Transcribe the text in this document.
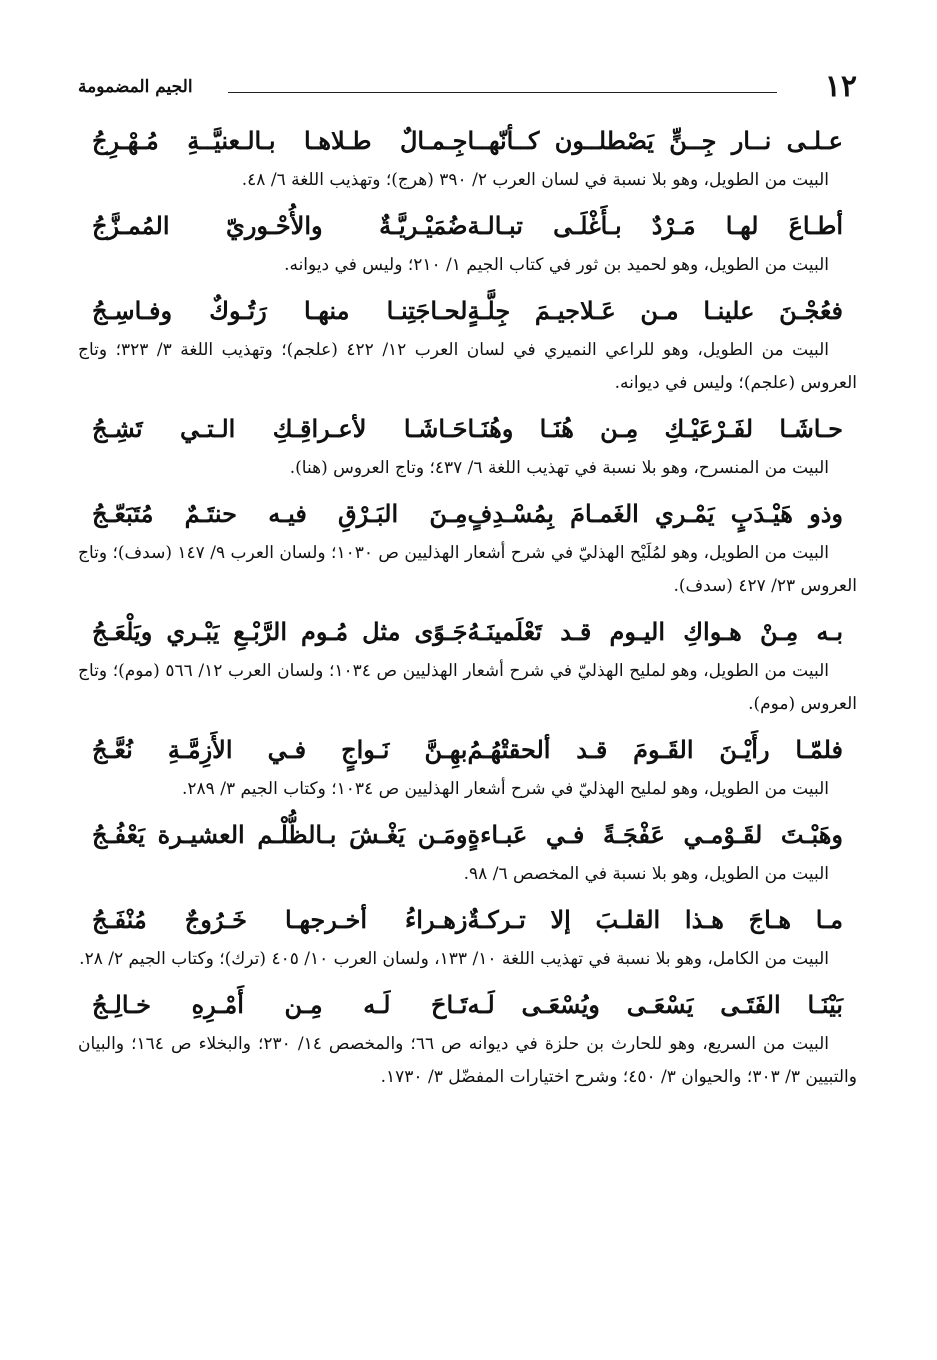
١٢
الجيم المضمومة
عـلـى نــار جِــنٍّ يَصْطلــون كــأنّهــا
جِـمـالٌ طـلاهـا بـالـعنيَّــةِ مُـهْـرِجُ
البيت من الطويل، وهو بلا نسبة في لسان العرب ٢/ ٣٩٠ (هرج)؛ وتهذيب اللغة ٦/ ٤٨.
أطـاعَ لهـا مَـرْدٌ بـأَغْلَـى تبـالـة
ضُمَيْـريَّـةٌ والأُحْـوريّ المُمـزَّجُ
البيت من الطويل، وهو لحميد بن ثور في كتاب الجيم ١/ ٢١٠؛ وليس في ديوانه.
فعُجْـنَ علينـا مـن عَـلاجيـمَ جِلَّـةٍ
لحـاجَتِنـا منهـا رَتُـوكٌ وفـاسِـجُ
البيت من الطويل، وهو للراعي النميري في لسان العرب ١٢/ ٤٢٢ (علجم)؛ وتهذيب اللغة ٣/ ٣٢٣؛ وتاج العروس (علجم)؛ وليس في ديوانه.
حـاشَـا لفَـرْعَيْـكِ مِـن هُنَـا وهُنَـا
حَـاشَـا لأعـراقِـكِ الـتـي تَشِـجُ
البيت من المنسرح، وهو بلا نسبة في تهذيب اللغة ٦/ ٤٣٧؛ وتاج العروس (هنا).
وذو هَيْـدَبٍ يَمْـري الغَمـامَ بِمُسْـدِفٍ
مِـنَ البَـرْقِ فيـه حنتَـمٌ مُتَبَعّـجُ
البيت من الطويل، وهو لمُلَيْح الهذليّ في شرح أشعار الهذليين ص ١٠٣٠؛ ولسان العرب ٩/ ١٤٧ (سدف)؛ وتاج العروس ٢٣/ ٤٢٧ (سدف).
بـه مِـنْ هـواكِ اليـوم قـد تَعْلَمينَـهُ
جَـوًى مثل مُـوم الرَّبْـعِ يَبْـري ويَلْعَـجُ
البيت من الطويل، وهو لمليح الهذليّ في شرح أشعار الهذليين ص ١٠٣٤؛ ولسان العرب ١٢/ ٥٦٦ (موم)؛ وتاج العروس (موم).
فلمّـا رأَيْـنَ القَـومَ قـد ألحقتْهُـمُ
بهِـنَّ نَـواجٍ فـي الأَزِمَّـةِ نُعَّـجُ
البيت من الطويل، وهو لمليح الهذليّ في شرح أشعار الهذليين ص ١٠٣٤؛ وكتاب الجيم ٣/ ٢٨٩.
وهَبْـتَ لقَـوْمـي عَفْجَـةً فـي عَبـاءةٍ
ومَـن يَغْـشَ بـالظُّلْـم العشيـرة يَعْفُـجُ
البيت من الطويل، وهو بلا نسبة في المخصص ٦/ ٩٨.
مـا هـاجَ هـذا القلـبَ إلا تـركـةٌ
زهـراءُ أخـرجهـا خَـرُوجٌ مُنْفَـجُ
البيت من الكامل، وهو بلا نسبة في تهذيب اللغة ١٠/ ١٣٣، ولسان العرب ١٠/ ٤٠٥ (ترك)؛ وكتاب الجيم ٢/ ٢٨.
بَيْنَـا الفَتَـى يَسْعَـى ويُسْعَـى لَـه
تَـاحَ لَـه مِـن أَمْـرِهِ خـالِـجُ
البيت من السريع، وهو للحارث بن حلزة في ديوانه ص ٦٦؛ والمخصص ١٤/ ٢٣٠؛ والبخلاء ص ١٦٤؛ والبيان والتبيين ٣/ ٣٠٣؛ والحيوان ٣/ ٤٥٠؛ وشرح اختيارات المفضّل ٣/ ١٧٣٠.
